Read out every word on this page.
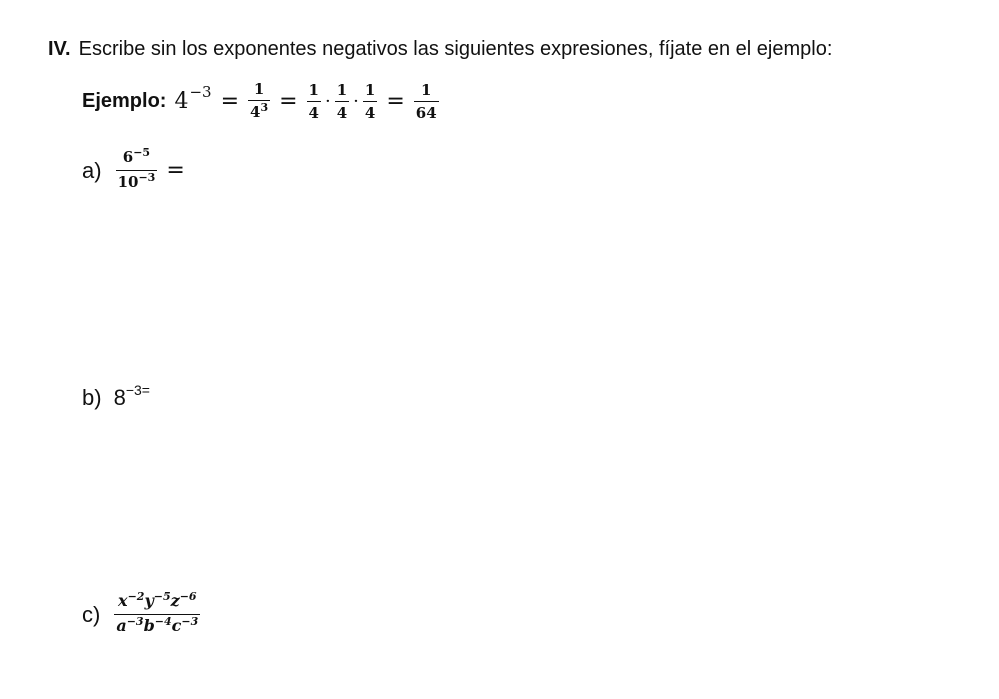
IV. Escribe sin los exponentes negativos las siguientes expresiones, fíjate en el ejemplo:
Ejemplo: $4 -3 = \frac{1}{4^3} = \frac{1}{4} \cdot \frac{1}{4} \cdot \frac{1}{4} = \frac{1}{64}$
$a) \frac{6^{-5}}{10^{-3}}$ =
b) $8^{-3=}$
$c) \frac{x^{-2}y^{-5}z^{-6}}{a^{-3}b^{-4}c^{-3}}$
